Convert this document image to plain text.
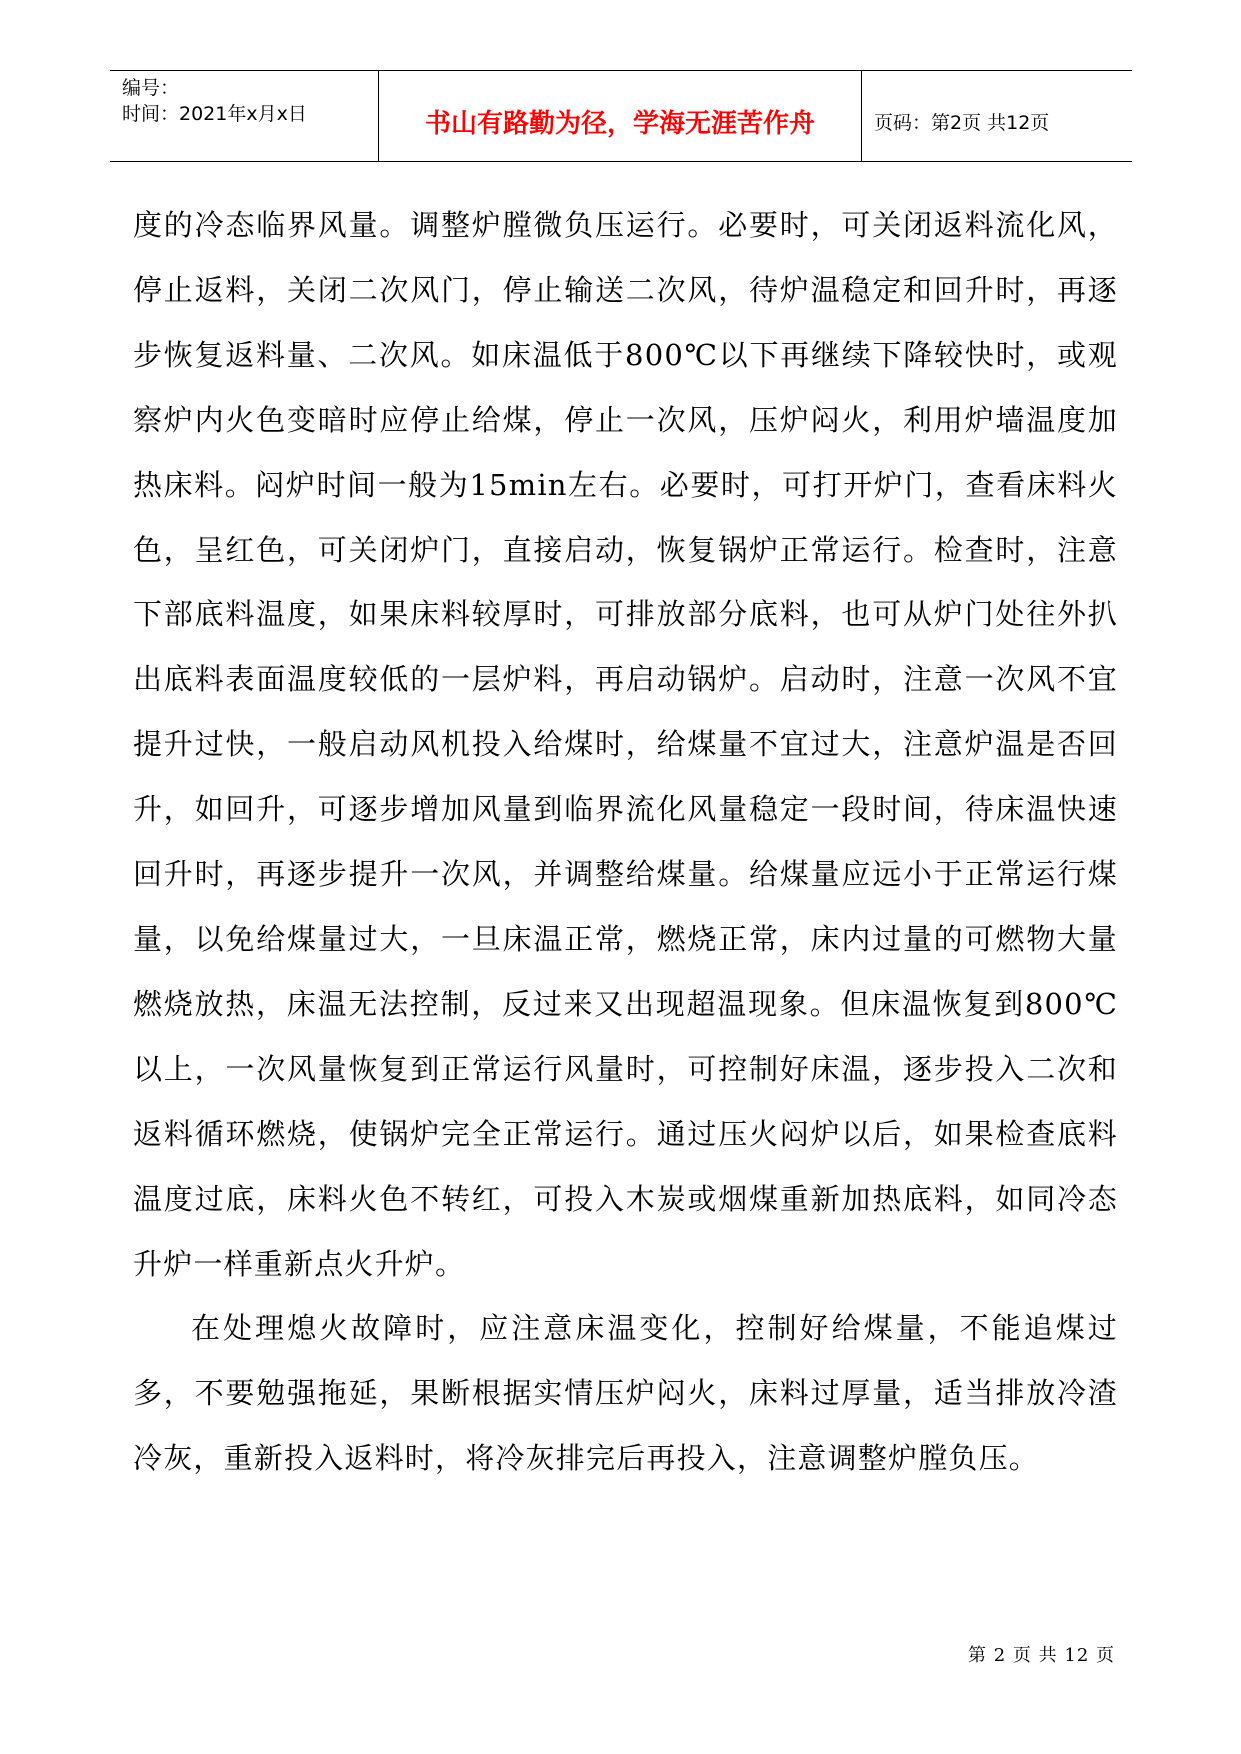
编号：
时间：2021年x月x日	书山有路勤为径，学海无涯苦作舟	页码：第2页 共12页

度的冷态临界风量。调整炉膛微负压运行。必要时，可关闭返料流化风，停止返料，关闭二次风门，停止输送二次风，待炉温稳定和回升时，再逐步恢复返料量、二次风。如床温低于800℃以下再继续下降较快时，或观察炉内火色变暗时应停止给煤，停止一次风，压炉闷火，利用炉墙温度加热床料。闷炉时间一般为15min左右。必要时，可打开炉门，查看床料火色，呈红色，可关闭炉门，直接启动，恢复锅炉正常运行。检查时，注意下部底料温度，如果床料较厚时，可排放部分底料，也可从炉门处往外扒出底料表面温度较低的一层炉料，再启动锅炉。启动时，注意一次风不宜提升过快，一般启动风机投入给煤时，给煤量不宜过大，注意炉温是否回升，如回升，可逐步增加风量到临界流化风量稳定一段时间，待床温快速回升时，再逐步提升一次风，并调整给煤量。给煤量应远小于正常运行煤量，以免给煤量过大，一旦床温正常，燃烧正常，床内过量的可燃物大量燃烧放热，床温无法控制，反过来又出现超温现象。但床温恢复到800℃以上，一次风量恢复到正常运行风量时，可控制好床温，逐步投入二次和返料循环燃烧，使锅炉完全正常运行。通过压火闷炉以后，如果检查底料温度过底，床料火色不转红，可投入木炭或烟煤重新加热底料，如同冷态升炉一样重新点火升炉。

在处理熄火故障时，应注意床温变化，控制好给煤量，不能追煤过多，不要勉强拖延，果断根据实情压炉闷火，床料过厚量，适当排放冷渣冷灰，重新投入返料时，将冷灰排完后再投入，注意调整炉膛负压。

第 2 页 共 12 页
